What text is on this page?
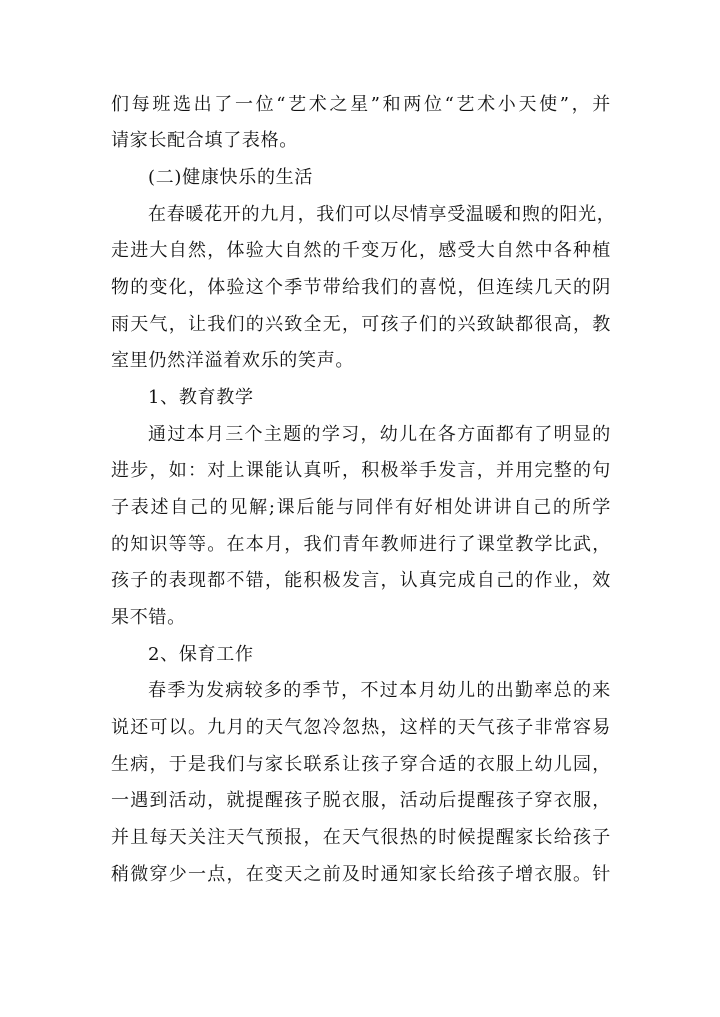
们每班选出了一位“艺术之星”和两位“艺术小天使”，并
请家长配合填了表格。
(二)健康快乐的生活
在春暖花开的九月，我们可以尽情享受温暖和煦的阳光，
走进大自然，体验大自然的千变万化，感受大自然中各种植
物的变化，体验这个季节带给我们的喜悦，但连续几天的阴
雨天气，让我们的兴致全无，可孩子们的兴致缺都很高，教
室里仍然洋溢着欢乐的笑声。
1、教育教学
通过本月三个主题的学习，幼儿在各方面都有了明显的
进步，如：对上课能认真听，积极举手发言，并用完整的句
子表述自己的见解;课后能与同伴有好相处讲讲自己的所学
的知识等等。在本月，我们青年教师进行了课堂教学比武，
孩子的表现都不错，能积极发言，认真完成自己的作业，效
果不错。
2、保育工作
春季为发病较多的季节，不过本月幼儿的出勤率总的来
说还可以。九月的天气忽冷忽热，这样的天气孩子非常容易
生病，于是我们与家长联系让孩子穿合适的衣服上幼儿园，
一遇到活动，就提醒孩子脱衣服，活动后提醒孩子穿衣服，
并且每天关注天气预报，在天气很热的时候提醒家长给孩子
稍微穿少一点，在变天之前及时通知家长给孩子增衣服。针
